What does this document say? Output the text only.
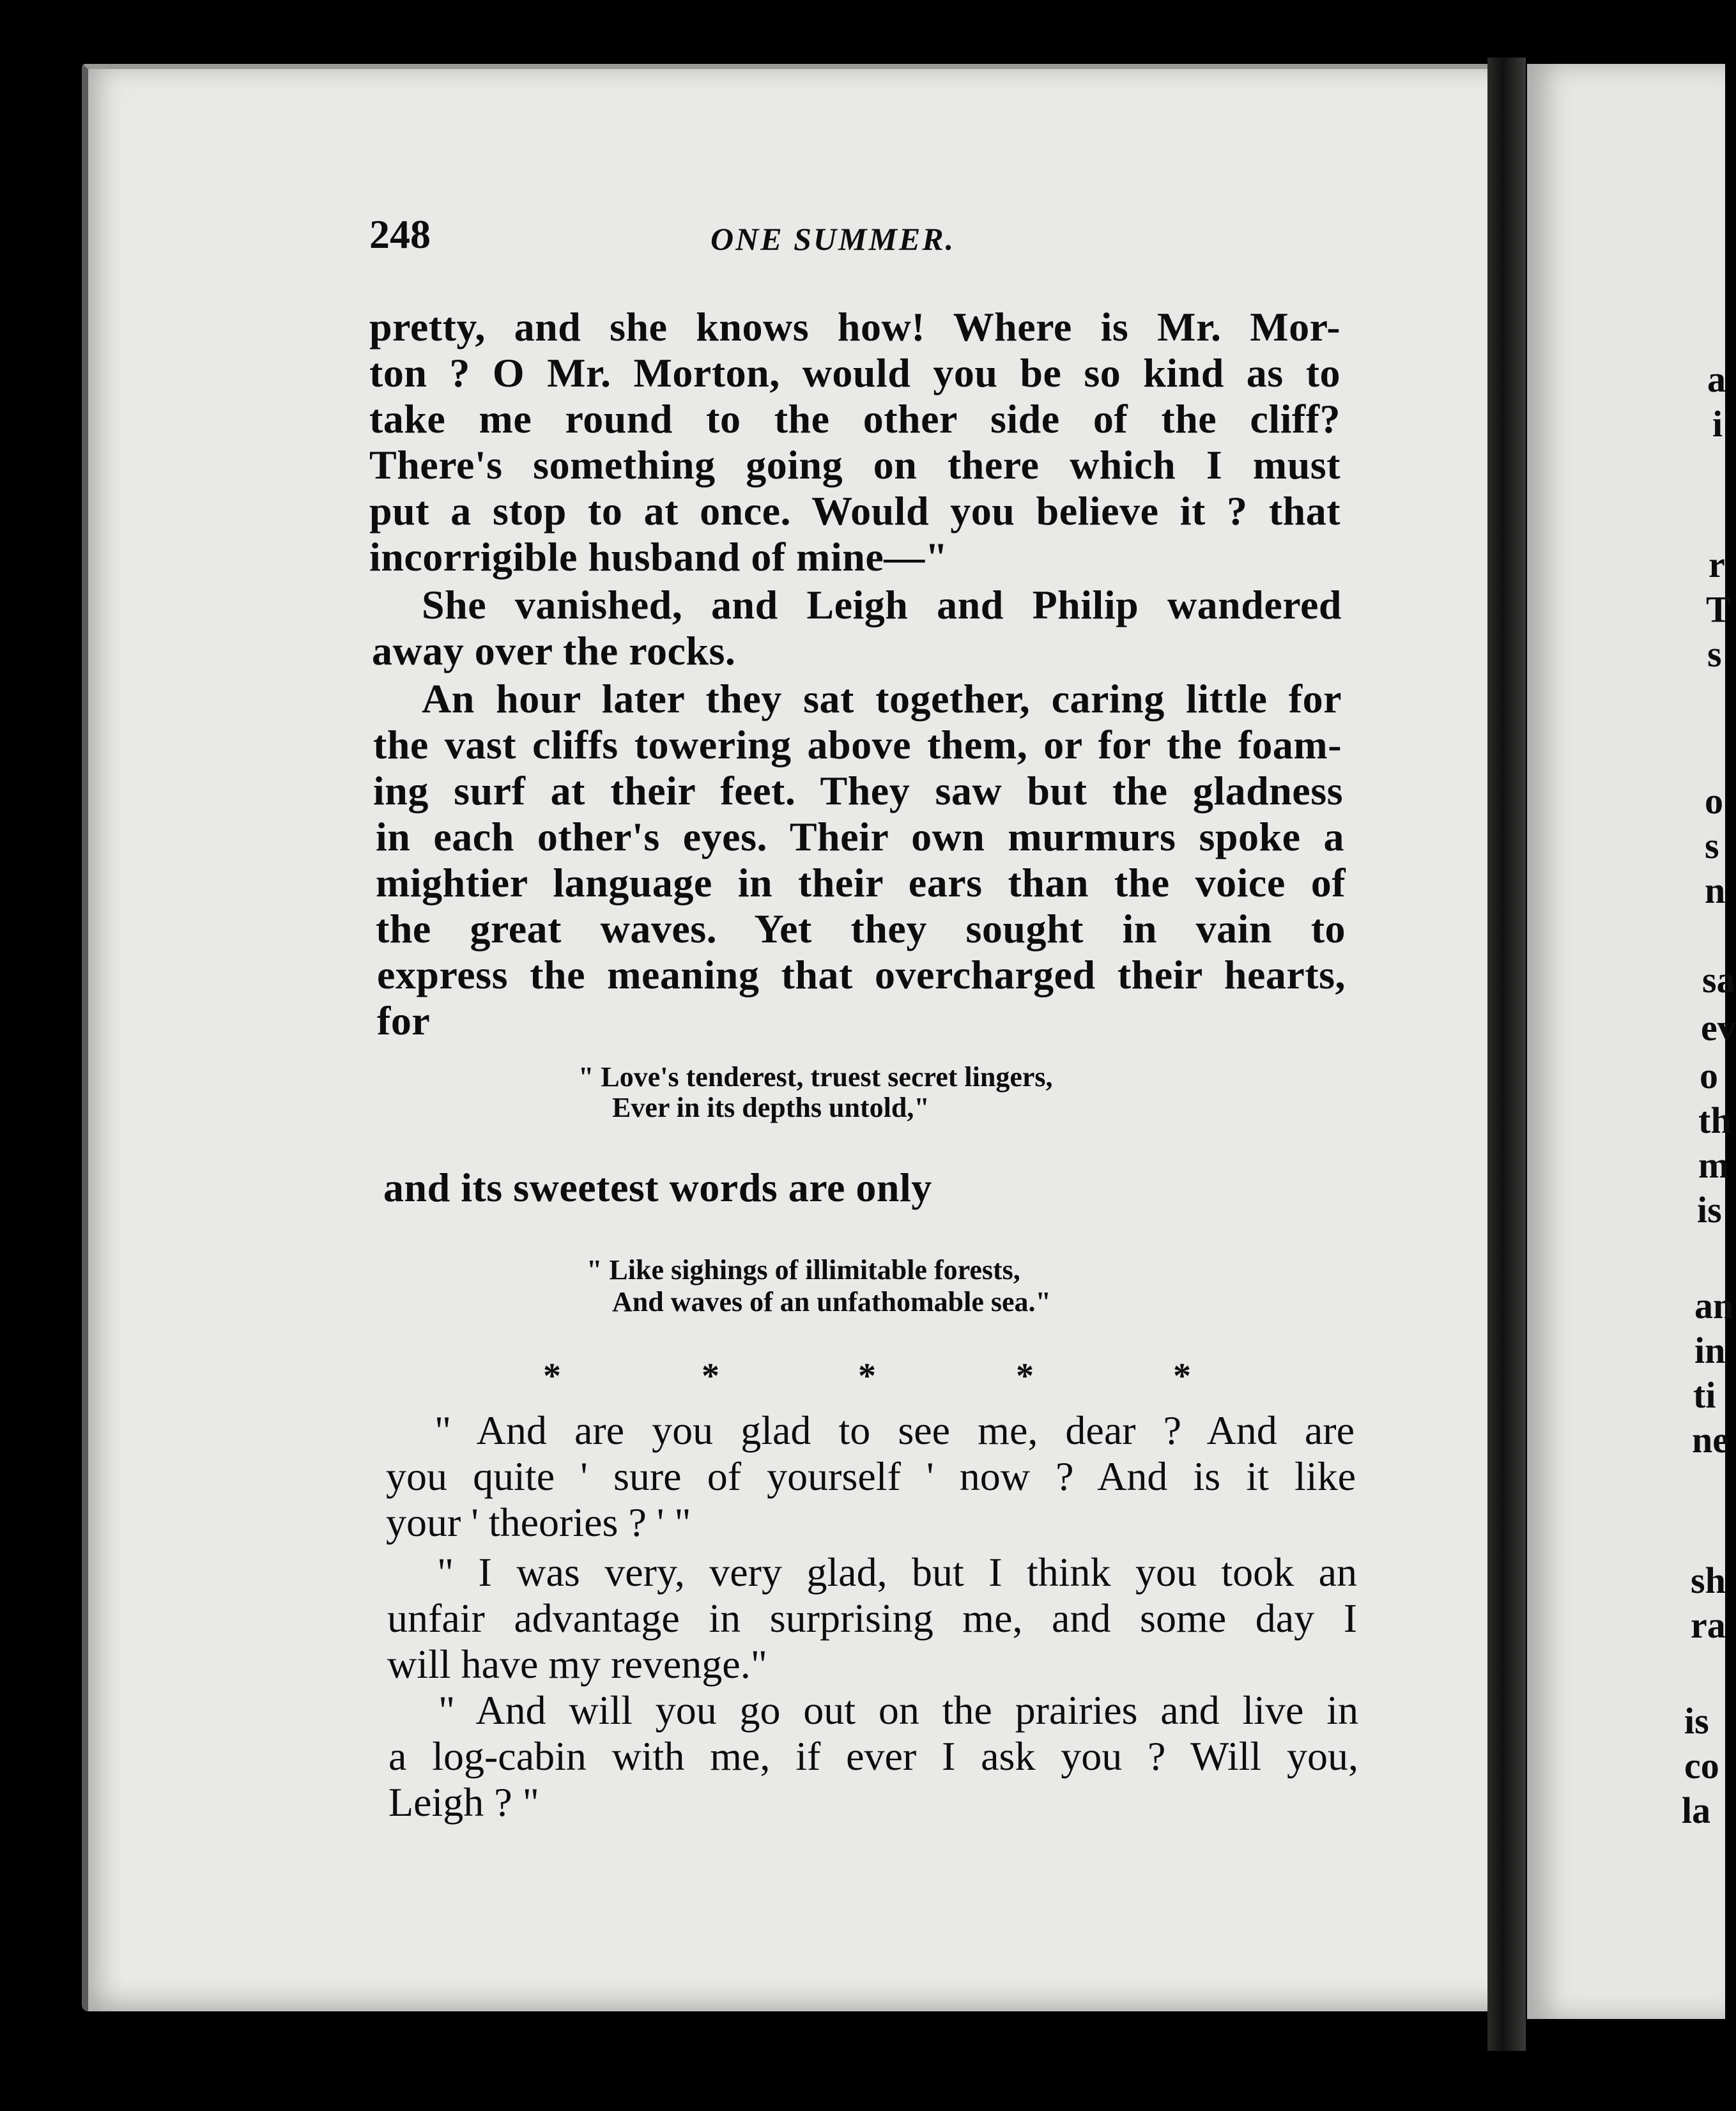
248	ONE SUMMER.
pretty, and she knows how! Where is Mr. Mor-
ton ? O Mr. Morton, would you be so kind as to
take me round to the other side of the cliff?
There's something going on there which I must
put a stop to at once. Would you believe it ? that
incorrigible husband of mine—"
She vanished, and Leigh and Philip wandered
away over the rocks.
An hour later they sat together, caring little for
the vast cliffs towering above them, or for the foam-
ing surf at their feet. They saw but the gladness
in each other's eyes. Their own murmurs spoke a
mightier language in their ears than the voice of
the great waves. Yet they sought in vain to
express the meaning that overcharged their hearts,
for
" Love's tenderest, truest secret lingers,
Ever in its depths untold,"
and its sweetest words are only
" Like sighings of illimitable forests,
And waves of an unfathomable sea."
*	*	*	*	*
" And are you glad to see me, dear ? And are
you quite ' sure of yourself ' now ? And is it like
your ' theories ? ' "
" I was very, very glad, but I think you took an
unfair advantage in surprising me, and some day I
will have my revenge."
" And will you go out on the prairies and live in
a log-cabin with me, if ever I ask you ? Will you,
Leigh ? "
a
i
r
T
s
o
s
n
sa
ev
o
th
m
is
an
in
ti
ne
sh
ra
is
co
la
